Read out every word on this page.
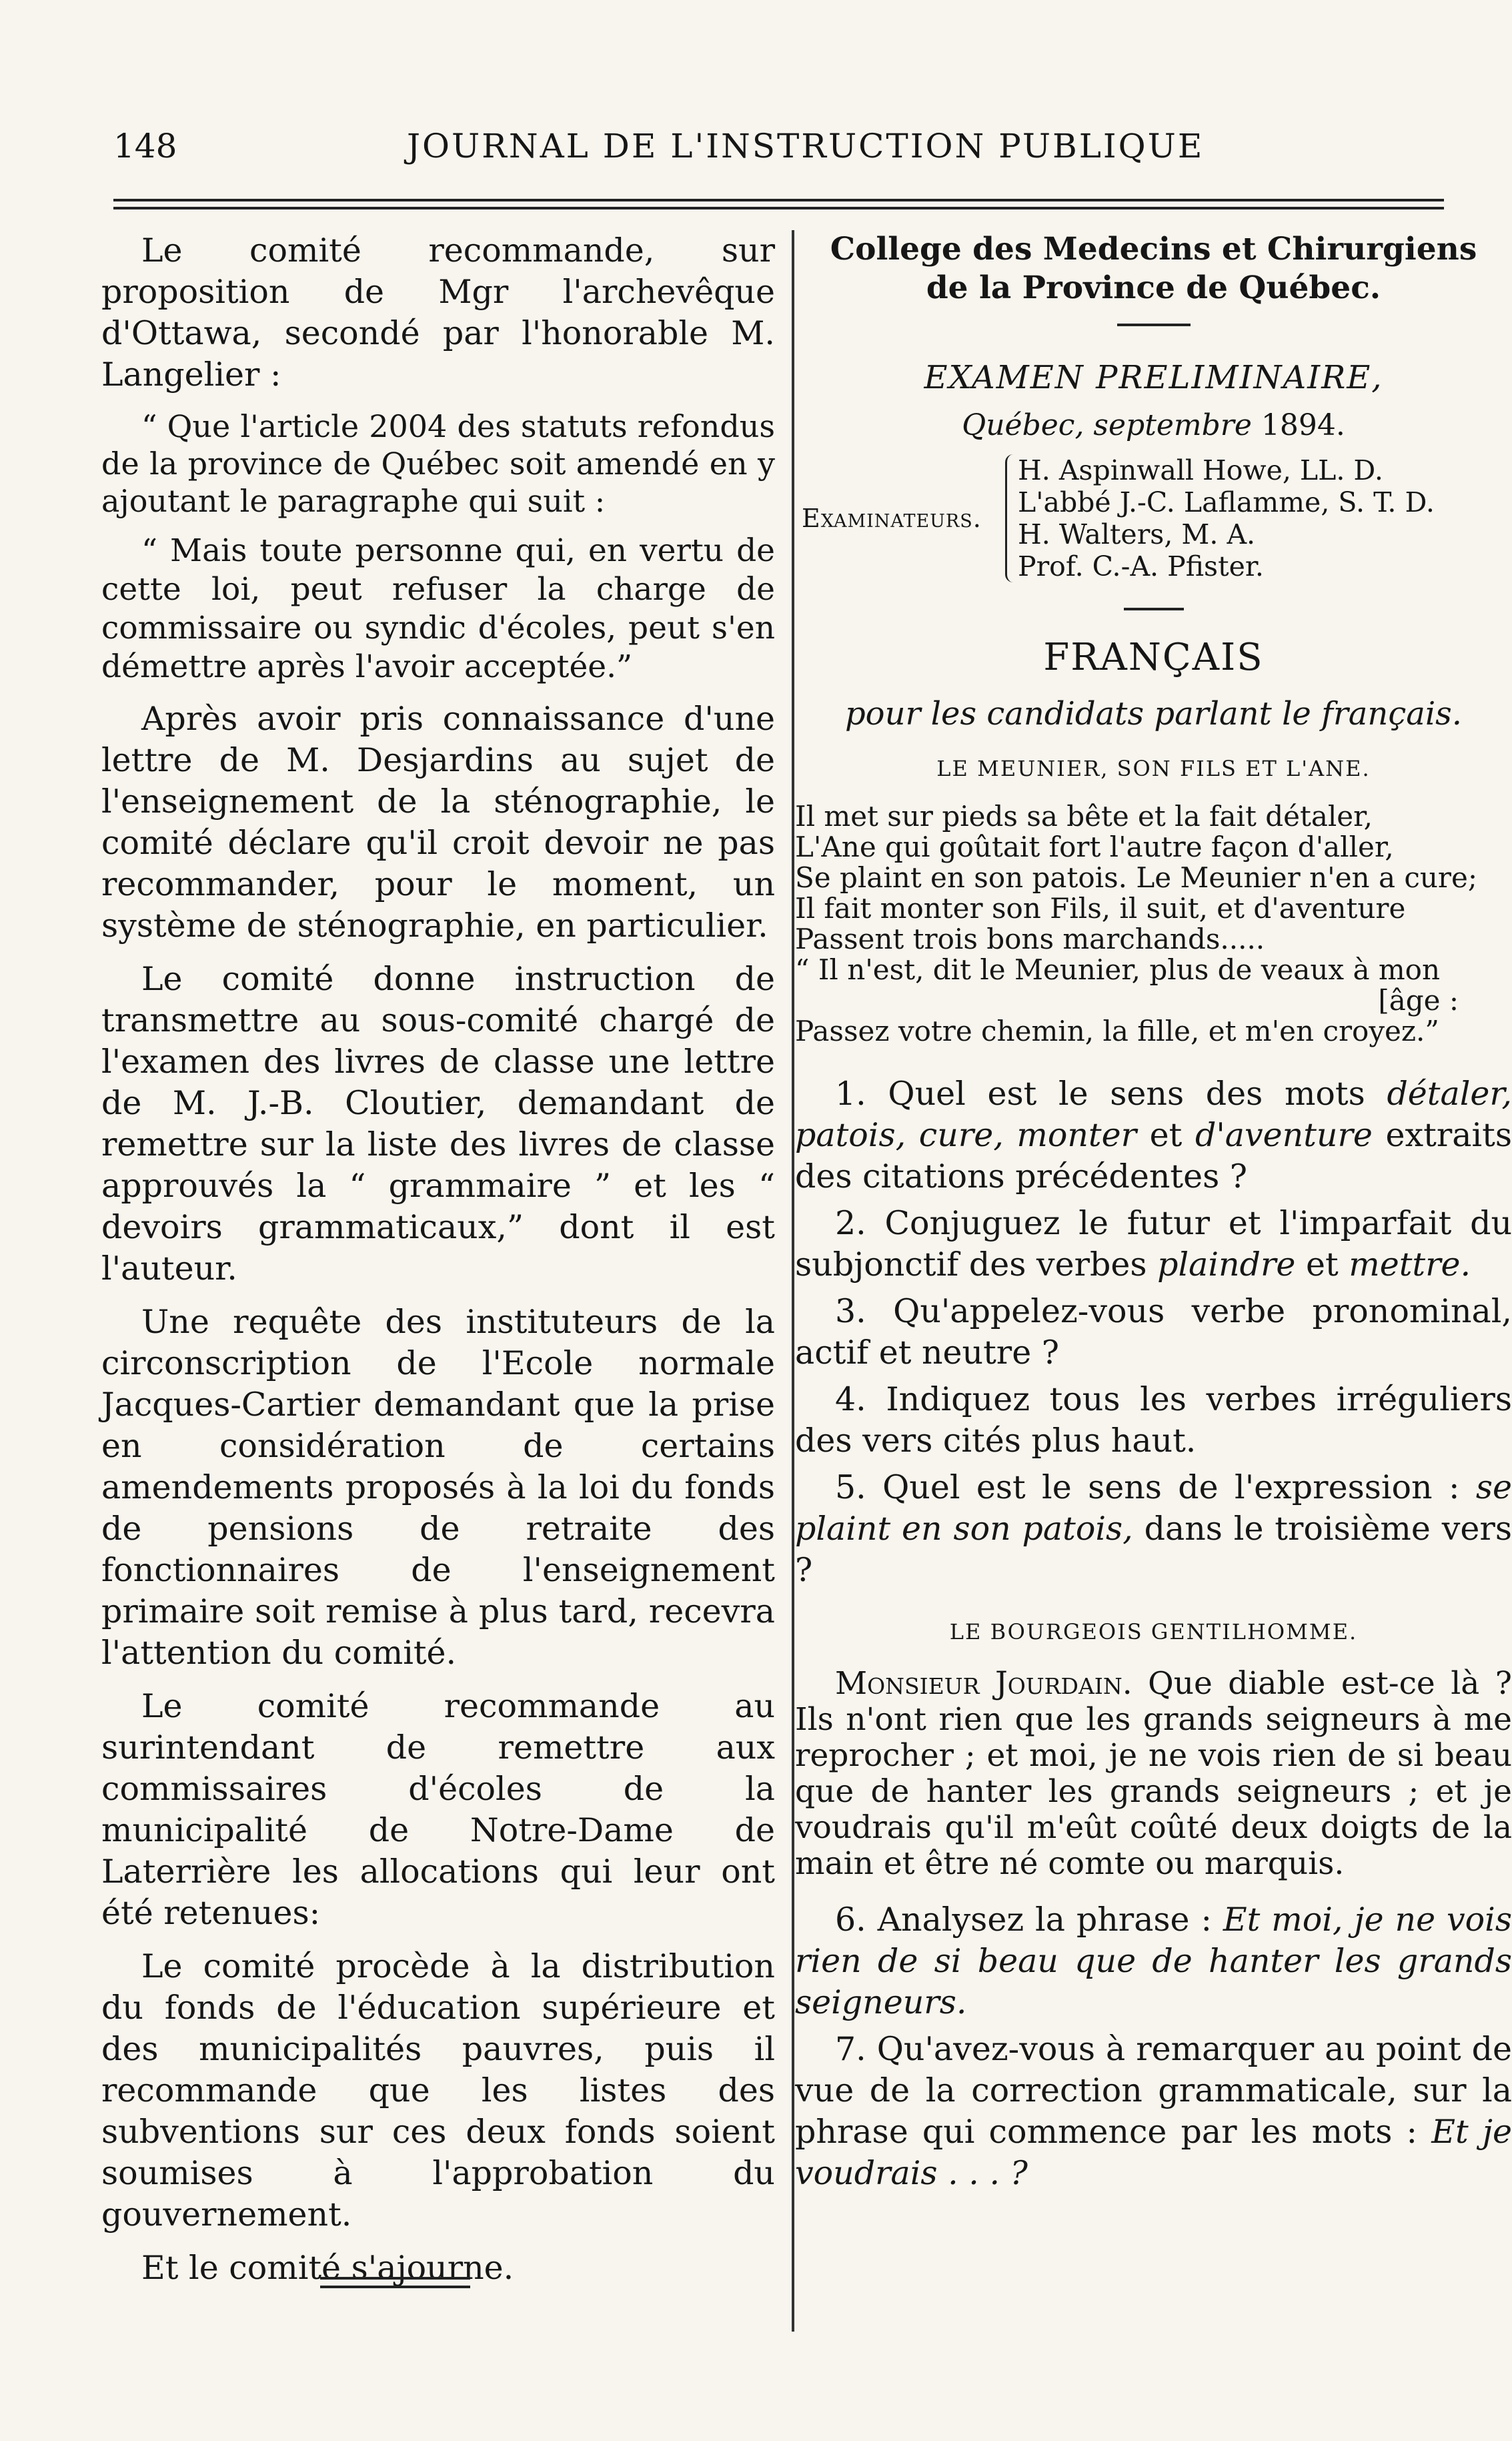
148	JOURNAL DE L'INSTRUCTION PUBLIQUE

Le comité recommande, sur proposition de Mgr l'archevêque d'Ottawa, secondé par l'honorable M. Langelier :

“ Que l'article 2004 des statuts refondus de la province de Québec soit amendé en y ajoutant le paragraphe qui suit :

“ Mais toute personne qui, en vertu de cette loi, peut refuser la charge de commissaire ou syndic d'écoles, peut s'en démettre après l'avoir acceptée.”

Après avoir pris connaissance d'une lettre de M. Desjardins au sujet de l'enseignement de la sténographie, le comité déclare qu'il croit devoir ne pas recommander, pour le moment, un système de sténographie, en particulier.

Le comité donne instruction de transmettre au sous-comité chargé de l'examen des livres de classe une lettre de M. J.-B. Cloutier, demandant de remettre sur la liste des livres de classe approuvés la “ grammaire ” et les “ devoirs grammaticaux,” dont il est l'auteur.

Une requête des instituteurs de la circonscription de l'Ecole normale Jacques-Cartier demandant que la prise en considération de certains amendements proposés à la loi du fonds de pensions de retraite des fonctionnaires de l'enseignement primaire soit remise à plus tard, recevra l'attention du comité.

Le comité recommande au surintendant de remettre aux commissaires d'écoles de la municipalité de Notre-Dame de Laterrière les allocations qui leur ont été retenues:

Le comité procède à la distribution du fonds de l'éducation supérieure et des municipalités pauvres, puis il recommande que les listes des subventions sur ces deux fonds soient soumises à l'approbation du gouvernement.

Et le comité s'ajourne.

College des Medecins et Chirurgiens
de la Province de Québec.
EXAMEN PRELIMINAIRE,
Québec, septembre 1894.
Examinateurs.
H. Aspinwall Howe, LL. D.
L'abbé J.-C. Laflamme, S. T. D.
H. Walters, M. A.
Prof. C.-A. Pfister.
FRANÇAIS
pour les candidats parlant le français.
LE MEUNIER, SON FILS ET L'ANE.
Il met sur pieds sa bête et la fait détaler,
L'Ane qui goûtait fort l'autre façon d'aller,
Se plaint en son patois. Le Meunier n'en a cure;
Il fait monter son Fils, il suit, et d'aventure
Passent trois bons marchands.....
“ Il n'est, dit le Meunier, plus de veaux à mon
[âge :
Passez votre chemin, la fille, et m'en croyez.”

1. Quel est le sens des mots détaler, patois, cure, monter et d'aventure extraits des citations précédentes ?

2. Conjuguez le futur et l'imparfait du subjonctif des verbes plaindre et mettre.

3. Qu'appelez-vous verbe pronominal, actif et neutre ?

4. Indiquez tous les verbes irréguliers des vers cités plus haut.

5. Quel est le sens de l'expression : se plaint en son patois, dans le troisième vers ?

LE BOURGEOIS GENTILHOMME.
Monsieur Jourdain. Que diable est-ce là ? Ils n'ont rien que les grands seigneurs à me reprocher ; et moi, je ne vois rien de si beau que de hanter les grands seigneurs ; et je voudrais qu'il m'eût coûté deux doigts de la main et être né comte ou marquis.

6. Analysez la phrase : Et moi, je ne vois rien de si beau que de hanter les grands seigneurs.

7. Qu'avez-vous à remarquer au point de vue de la correction grammaticale, sur la phrase qui commence par les mots : Et je voudrais . . . ?
